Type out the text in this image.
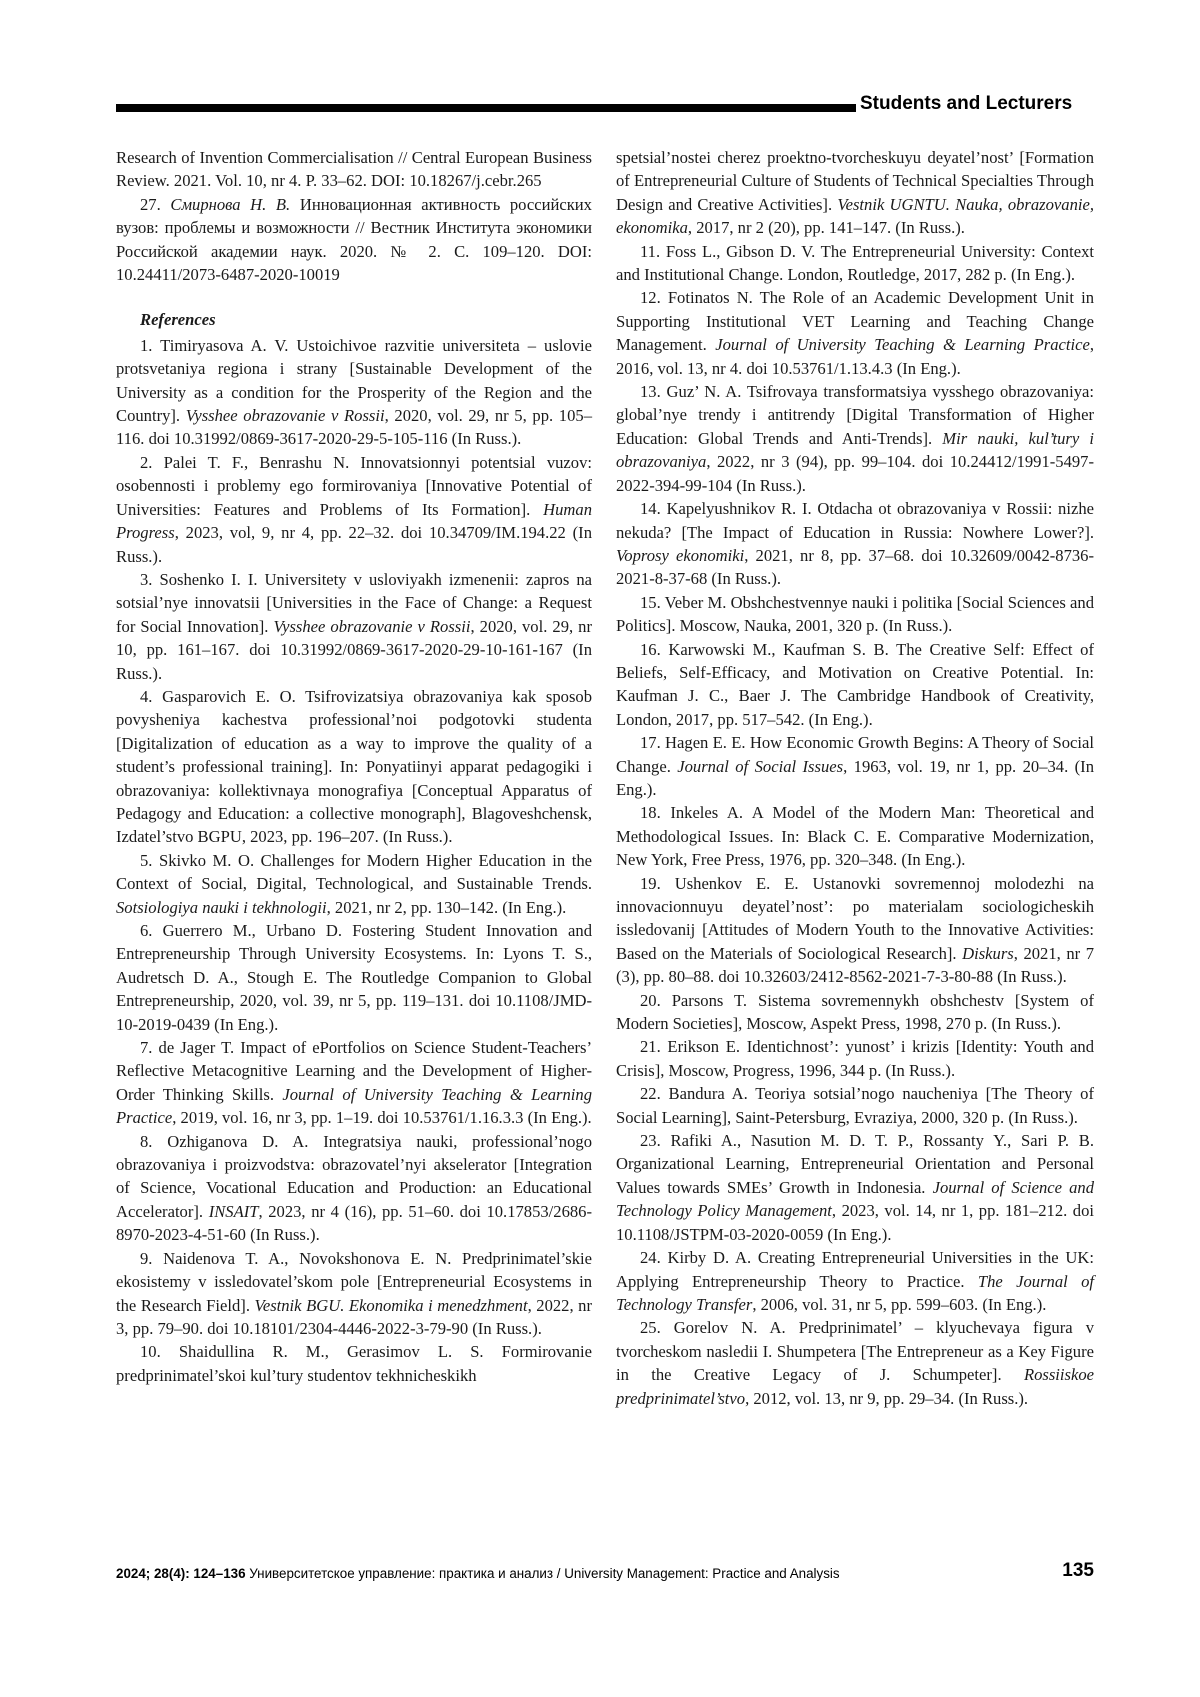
Students and Lecturers

Research of Invention Commercialisation // Central European Business Review. 2021. Vol. 10, nr 4. P. 33–62. DOI: 10.18267/j.cebr.265

27. Смирнова Н. В. Инновационная активность российских вузов: проблемы и возможности // Вестник Института экономики Российской академии наук. 2020. № 2. С. 109–120. DOI: 10.24411/2073-6487-2020-10019

References

1. Timiryasova A. V. Ustoichivoe razvitie universiteta – uslovie protsvetaniya regiona i strany [Sustainable Development of the University as a condition for the Prosperity of the Region and the Country]. Vysshee obrazovanie v Rossii, 2020, vol. 29, nr 5, pp. 105–116. doi 10.31992/0869-3617-2020-29-5-105-116 (In Russ.).

2. Palei T. F., Benrashu N. Innovatsionnyi potentsial vuzov: osobennosti i problemy ego formirovaniya [Innovative Potential of Universities: Features and Problems of Its Formation]. Human Progress, 2023, vol, 9, nr 4, pp. 22–32. doi 10.34709/IM.194.22 (In Russ.).

3. Soshenko I. I. Universitety v usloviyakh izmenenii: zapros na sotsial’nye innovatsii [Universities in the Face of Change: a Request for Social Innovation]. Vysshee obrazovanie v Rossii, 2020, vol. 29, nr 10, pp. 161–167. doi 10.31992/0869-3617-2020-29-10-161-167 (In Russ.).

4. Gasparovich E. O. Tsifrovizatsiya obrazovaniya kak sposob povysheniya kachestva professional’noi podgotovki studenta [Digitalization of education as a way to improve the quality of a student’s professional training]. In: Ponyatiinyi apparat pedagogiki i obrazovaniya: kollektivnaya monografiya [Conceptual Apparatus of Pedagogy and Education: a collective monograph], Blagoveshchensk, Izdatel’stvo BGPU, 2023, pp. 196–207. (In Russ.).

5. Skivko M. O. Challenges for Modern Higher Education in the Context of Social, Digital, Technological, and Sustainable Trends. Sotsiologiya nauki i tekhnologii, 2021, nr 2, pp. 130–142. (In Eng.).

6. Guerrero M., Urbano D. Fostering Student Innovation and Entrepreneurship Through University Ecosystems. In: Lyons T. S., Audretsch D. A., Stough E. The Routledge Companion to Global Entrepreneurship, 2020, vol. 39, nr 5, pp. 119–131. doi 10.1108/JMD-10-2019-0439 (In Eng.).

7. de Jager T. Impact of ePortfolios on Science Student-Teachers’ Reflective Metacognitive Learning and the Development of Higher-Order Thinking Skills. Journal of University Teaching & Learning Practice, 2019, vol. 16, nr 3, pp. 1–19. doi 10.53761/1.16.3.3 (In Eng.).

8. Ozhiganova D. A. Integratsiya nauki, professional’nogo obrazovaniya i proizvodstva: obrazovatel’nyi akselerator [Integration of Science, Vocational Education and Production: an Educational Accelerator]. INSAIT, 2023, nr 4 (16), pp. 51–60. doi 10.17853/2686-8970-2023-4-51-60 (In Russ.).

9. Naidenova T. A., Novokshonova E. N. Predprinimatel’skie ekosistemy v issledovatel’skom pole [Entrepreneurial Ecosystems in the Research Field]. Vestnik BGU. Ekonomika i menedzhment, 2022, nr 3, pp. 79–90. doi 10.18101/2304-4446-2022-3-79-90 (In Russ.).

10. Shaidullina R. M., Gerasimov L. S. Formirovanie predprinimatel’skoi kul’tury studentov tekhnicheskikh

spetsial’nostei cherez proektno-tvorcheskuyu deyatel’nost’ [Formation of Entrepreneurial Culture of Students of Technical Specialties Through Design and Creative Activities]. Vestnik UGNTU. Nauka, obrazovanie, ekonomika, 2017, nr 2 (20), pp. 141–147. (In Russ.).

11. Foss L., Gibson D. V. The Entrepreneurial University: Context and Institutional Change. London, Routledge, 2017, 282 p. (In Eng.).

12. Fotinatos N. The Role of an Academic Development Unit in Supporting Institutional VET Learning and Teaching Change Management. Journal of University Teaching & Learning Practice, 2016, vol. 13, nr 4. doi 10.53761/1.13.4.3 (In Eng.).

13. Guz’ N. A. Tsifrovaya transformatsiya vysshego obrazovaniya: global’nye trendy i antitrendy [Digital Transformation of Higher Education: Global Trends and Anti-Trends]. Mir nauki, kul’tury i obrazovaniya, 2022, nr 3 (94), pp. 99–104. doi 10.24412/1991-5497-2022-394-99-104 (In Russ.).

14. Kapelyushnikov R. I. Otdacha ot obrazovaniya v Rossii: nizhe nekuda? [The Impact of Education in Russia: Nowhere Lower?]. Voprosy ekonomiki, 2021, nr 8, pp. 37–68. doi 10.32609/0042-8736-2021-8-37-68 (In Russ.).

15. Veber M. Obshchestvennye nauki i politika [Social Sciences and Politics]. Moscow, Nauka, 2001, 320 p. (In Russ.).

16. Karwowski M., Kaufman S. B. The Creative Self: Effect of Beliefs, Self-Efficacy, and Motivation on Creative Potential. In: Kaufman J. C., Baer J. The Cambridge Handbook of Creativity, London, 2017, pp. 517–542. (In Eng.).

17. Hagen E. E. How Economic Growth Begins: A Theory of Social Change. Journal of Social Issues, 1963, vol. 19, nr 1, pp. 20–34. (In Eng.).

18. Inkeles A. A Model of the Modern Man: Theoretical and Methodological Issues. In: Black C. E. Comparative Modernization, New York, Free Press, 1976, pp. 320–348. (In Eng.).

19. Ushenkov E. E. Ustanovki sovremennoj molodezhi na innovacionnuyu deyatel’nost’: po materialam sociologicheskih issledovanij [Attitudes of Modern Youth to the Innovative Activities: Based on the Materials of Sociological Research]. Diskurs, 2021, nr 7 (3), pp. 80–88. doi 10.32603/2412-8562-2021-7-3-80-88 (In Russ.).

20. Parsons T. Sistema sovremennykh obshchestv [System of Modern Societies], Moscow, Aspekt Press, 1998, 270 p. (In Russ.).

21. Erikson E. Identichnost’: yunost’ i krizis [Identity: Youth and Crisis], Moscow, Progress, 1996, 344 p. (In Russ.).

22. Bandura A. Teoriya sotsial’nogo naucheniya [The Theory of Social Learning], Saint-Petersburg, Evraziya, 2000, 320 p. (In Russ.).

23. Rafiki A., Nasution M. D. T. P., Rossanty Y., Sari P. B. Organizational Learning, Entrepreneurial Orientation and Personal Values towards SMEs’ Growth in Indonesia. Journal of Science and Technology Policy Management, 2023, vol. 14, nr 1, pp. 181–212. doi 10.1108/JSTPM-03-2020-0059 (In Eng.).

24. Kirby D. A. Creating Entrepreneurial Universities in the UK: Applying Entrepreneurship Theory to Practice. The Journal of Technology Transfer, 2006, vol. 31, nr 5, pp. 599–603. (In Eng.).

25. Gorelov N. A. Predprinimatel’ – klyuchevaya figura v tvorcheskom nasledii I. Shumpetera [The Entrepreneur as a Key Figure in the Creative Legacy of J. Schumpeter]. Rossiiskoe predprinimatel’stvo, 2012, vol. 13, nr 9, pp. 29–34. (In Russ.).

2024; 28(4): 124–136 Университетское управление: практика и анализ / University Management: Practice and Analysis	135
